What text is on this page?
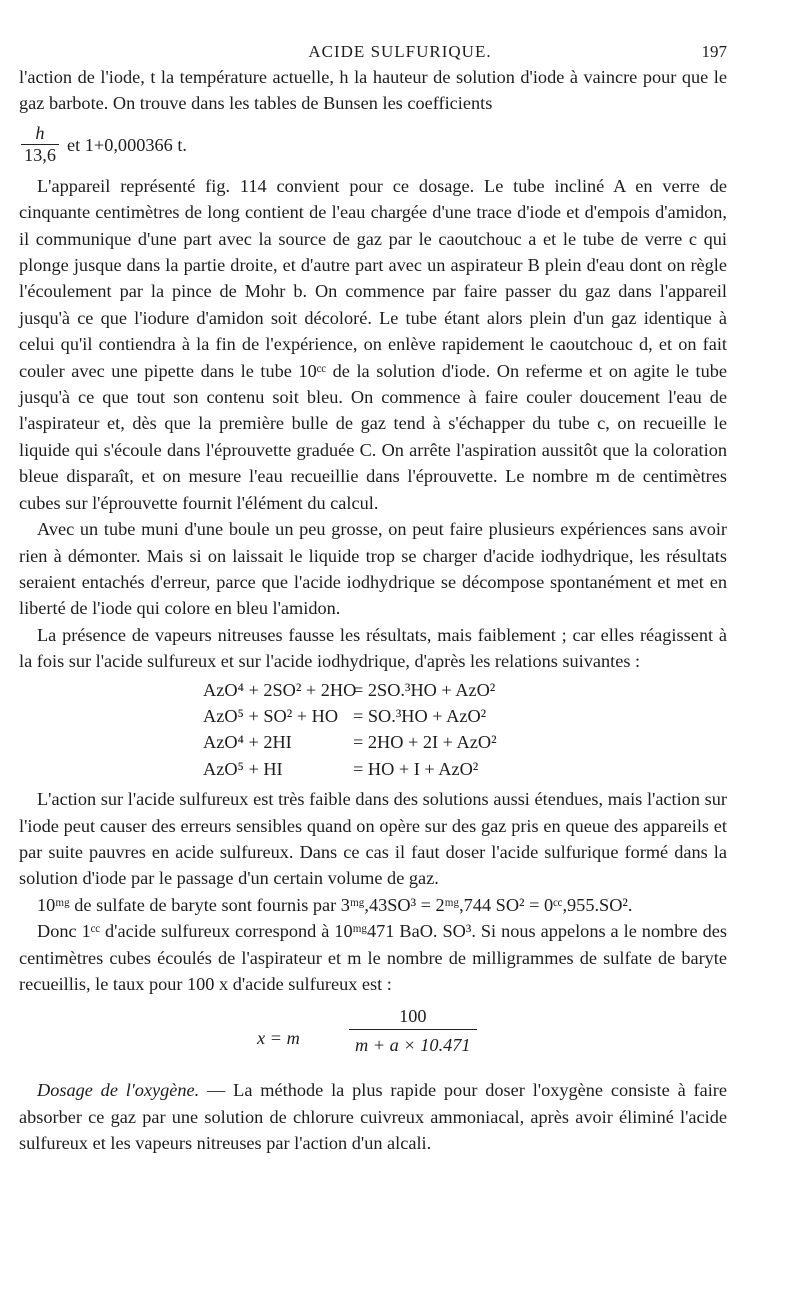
ACIDE SULFURIQUE.	197

l'action de l'iode, t la température actuelle, h la hauteur de solution d'iode à vaincre pour que le gaz barbote. On trouve dans les tables de Bunsen les coefficients

$\frac{h}{13,6}$ et 1+0,000366 t.

L'appareil représenté fig. 114 convient pour ce dosage. Le tube incliné A en verre de cinquante centimètres de long contient de l'eau chargée d'une trace d'iode et d'empois d'amidon, il communique d'une part avec la source de gaz par le caoutchouc a et le tube de verre c qui plonge jusque dans la partie droite, et d'autre part avec un aspirateur B plein d'eau dont on règle l'écoulement par la pince de Mohr b. On commence par faire passer du gaz dans l'appareil jusqu'à ce que l'iodure d'amidon soit décoloré. Le tube étant alors plein d'un gaz identique à celui qu'il contiendra à la fin de l'expérience, on enlève rapidement le caoutchouc d, et on fait couler avec une pipette dans le tube 10ᶜᶜ de la solution d'iode. On referme et on agite le tube jusqu'à ce que tout son contenu soit bleu. On commence à faire couler doucement l'eau de l'aspirateur et, dès que la première bulle de gaz tend à s'échapper du tube c, on recueille le liquide qui s'écoule dans l'éprouvette graduée C. On arrête l'aspiration aussitôt que la coloration bleue disparaît, et on mesure l'eau recueillie dans l'éprouvette. Le nombre m de centimètres cubes sur l'éprouvette fournit l'élément du calcul.

Avec un tube muni d'une boule un peu grosse, on peut faire plusieurs expériences sans avoir rien à démonter. Mais si on laissait le liquide trop se charger d'acide iodhydrique, les résultats seraient entachés d'erreur, parce que l'acide iodhydrique se décompose spontanément et met en liberté de l'iode qui colore en bleu l'amidon.

La présence de vapeurs nitreuses fausse les résultats, mais faiblement ; car elles réagissent à la fois sur l'acide sulfureux et sur l'acide iodhydrique, d'après les relations suivantes :

AzO⁴ + 2SO² + 2HO= 2SO.³HO + AzO²
AzO⁵ + SO² + HO = SO.³HO + AzO²
AzO⁴ + 2HI	= 2HO + 2I + AzO²
AzO⁵ + HI	= HO + I + AzO²

L'action sur l'acide sulfureux est très faible dans des solutions aussi étendues, mais l'action sur l'iode peut causer des erreurs sensibles quand on opère sur des gaz pris en queue des appareils et par suite pauvres en acide sulfureux. Dans ce cas il faut doser l'acide sulfurique formé dans la solution d'iode par le passage d'un certain volume de gaz.

10ᵐᵍ de sulfate de baryte sont fournis par 3ᵐᵍ,43SO³ = 2ᵐᵍ,744 SO² = 0ᶜᶜ,955.SO².

Donc 1ᶜᶜ d'acide sulfureux correspond à 10ᵐᵍ471 BaO. SO³. Si nous appelons a le nombre des centimètres cubes écoulés de l'aspirateur et m le nombre de milligrammes de sulfate de baryte recueillis, le taux pour 100 x d'acide sulfureux est :

x = m	$\frac{100}{m + a \times 10.471}$

Dosage de l'oxygène. — La méthode la plus rapide pour doser l'oxygène consiste à faire absorber ce gaz par une solution de chlorure cuivreux ammoniacal, après avoir éliminé l'acide sulfureux et les vapeurs nitreuses par l'action d'un alcali.
